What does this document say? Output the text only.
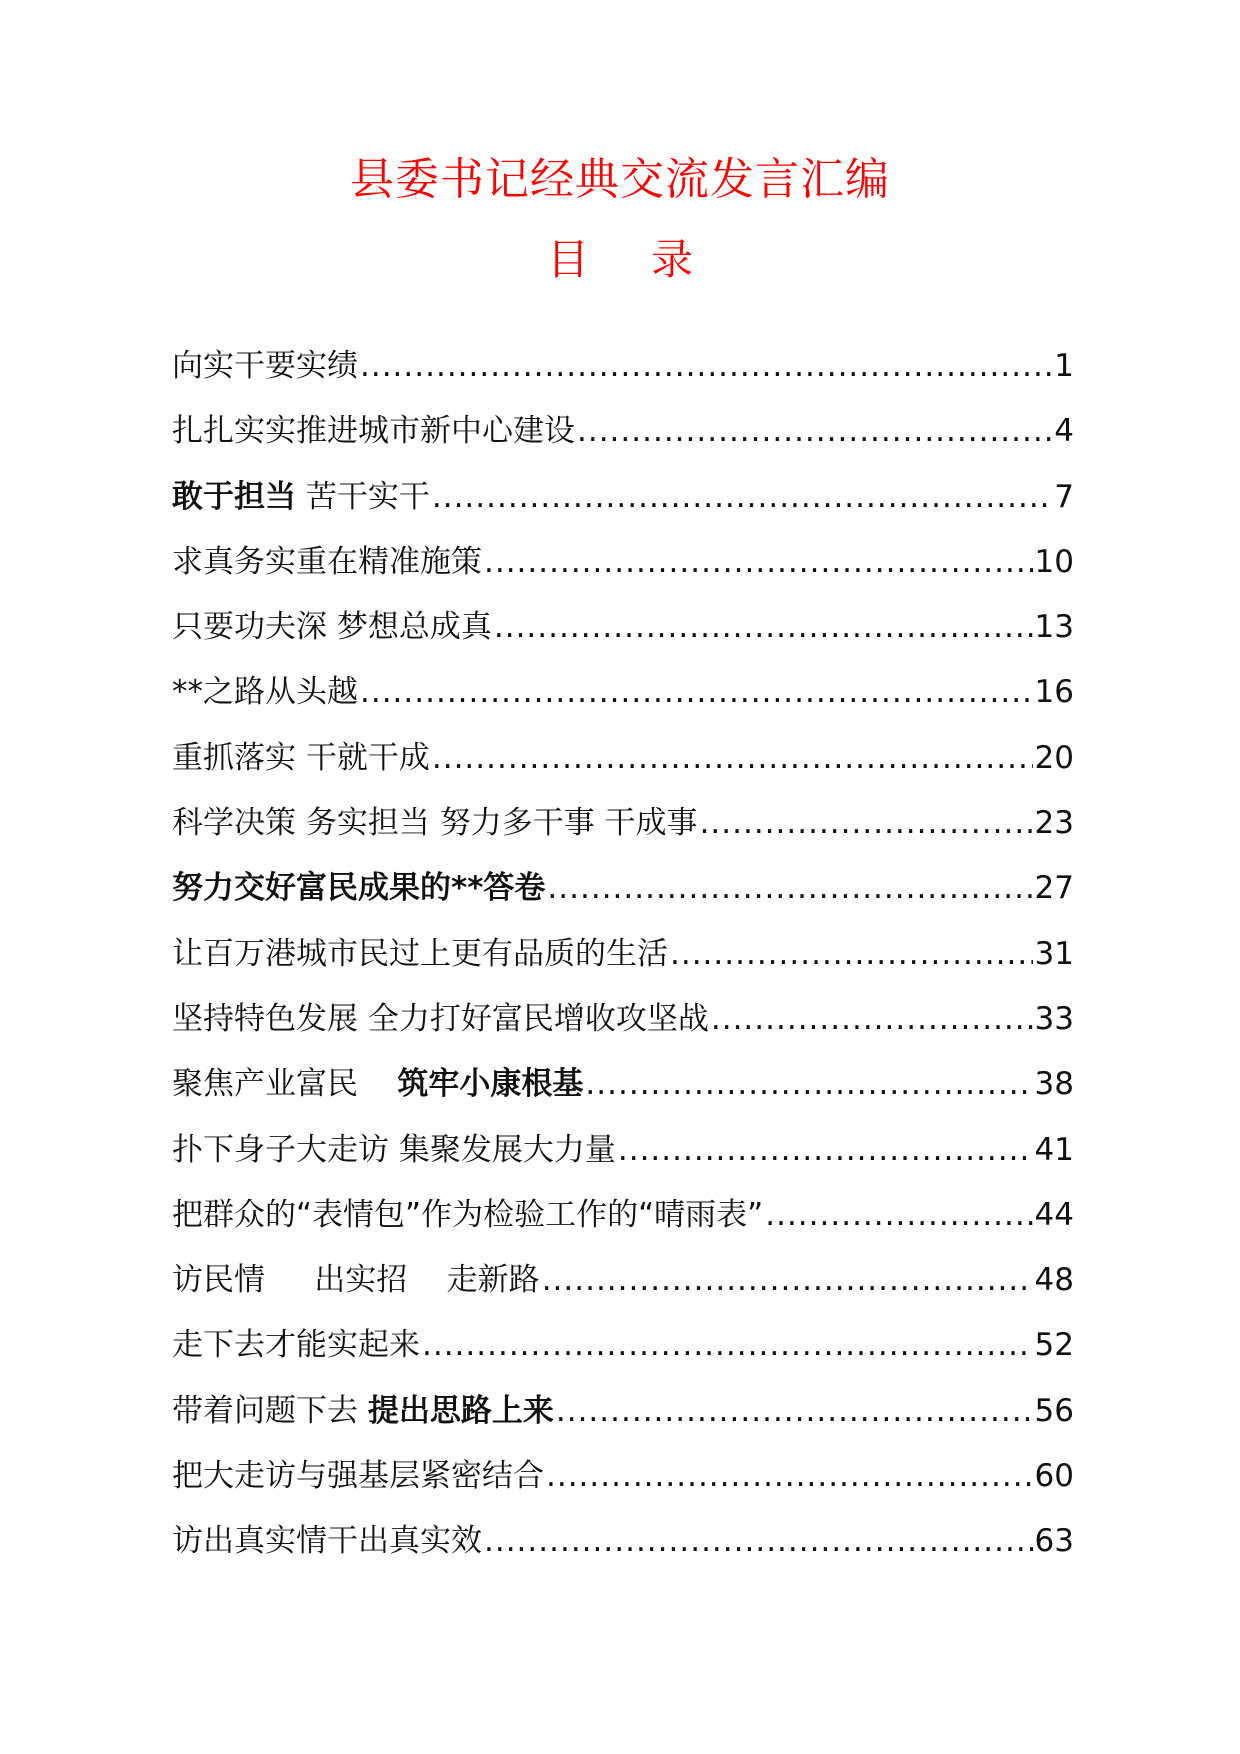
县委书记经典交流发言汇编
目 录
向实干要实绩 .....	1
扎扎实实推进城市新中心建设 .....	4
敢于担当 苦干实干 .....	7
求真务实重在精准施策 .....	10
只要功夫深 梦想总成真 .....	13
**之路从头越 .....	16
重抓落实 干就干成 .....	20
科学决策 务实担当 努力多干事 干成事 .....	23
努力交好富民成果的**答卷 .....	27
让百万港城市民过上更有品质的生活 .....	31
坚持特色发展 全力打好富民增收攻坚战 .....	33
聚焦产业富民    筑牢小康根基 .....	38
扑下身子大走访 集聚发展大力量 .....	41
把群众的“表情包”作为检验工作的“晴雨表” .....	44
访民情     出实招    走新路 .....	48
走下去才能实起来 .....	52
带着问题下去 提出思路上来 .....	56
把大走访与强基层紧密结合 .....	60
访出真实情干出真实效 .....	63
